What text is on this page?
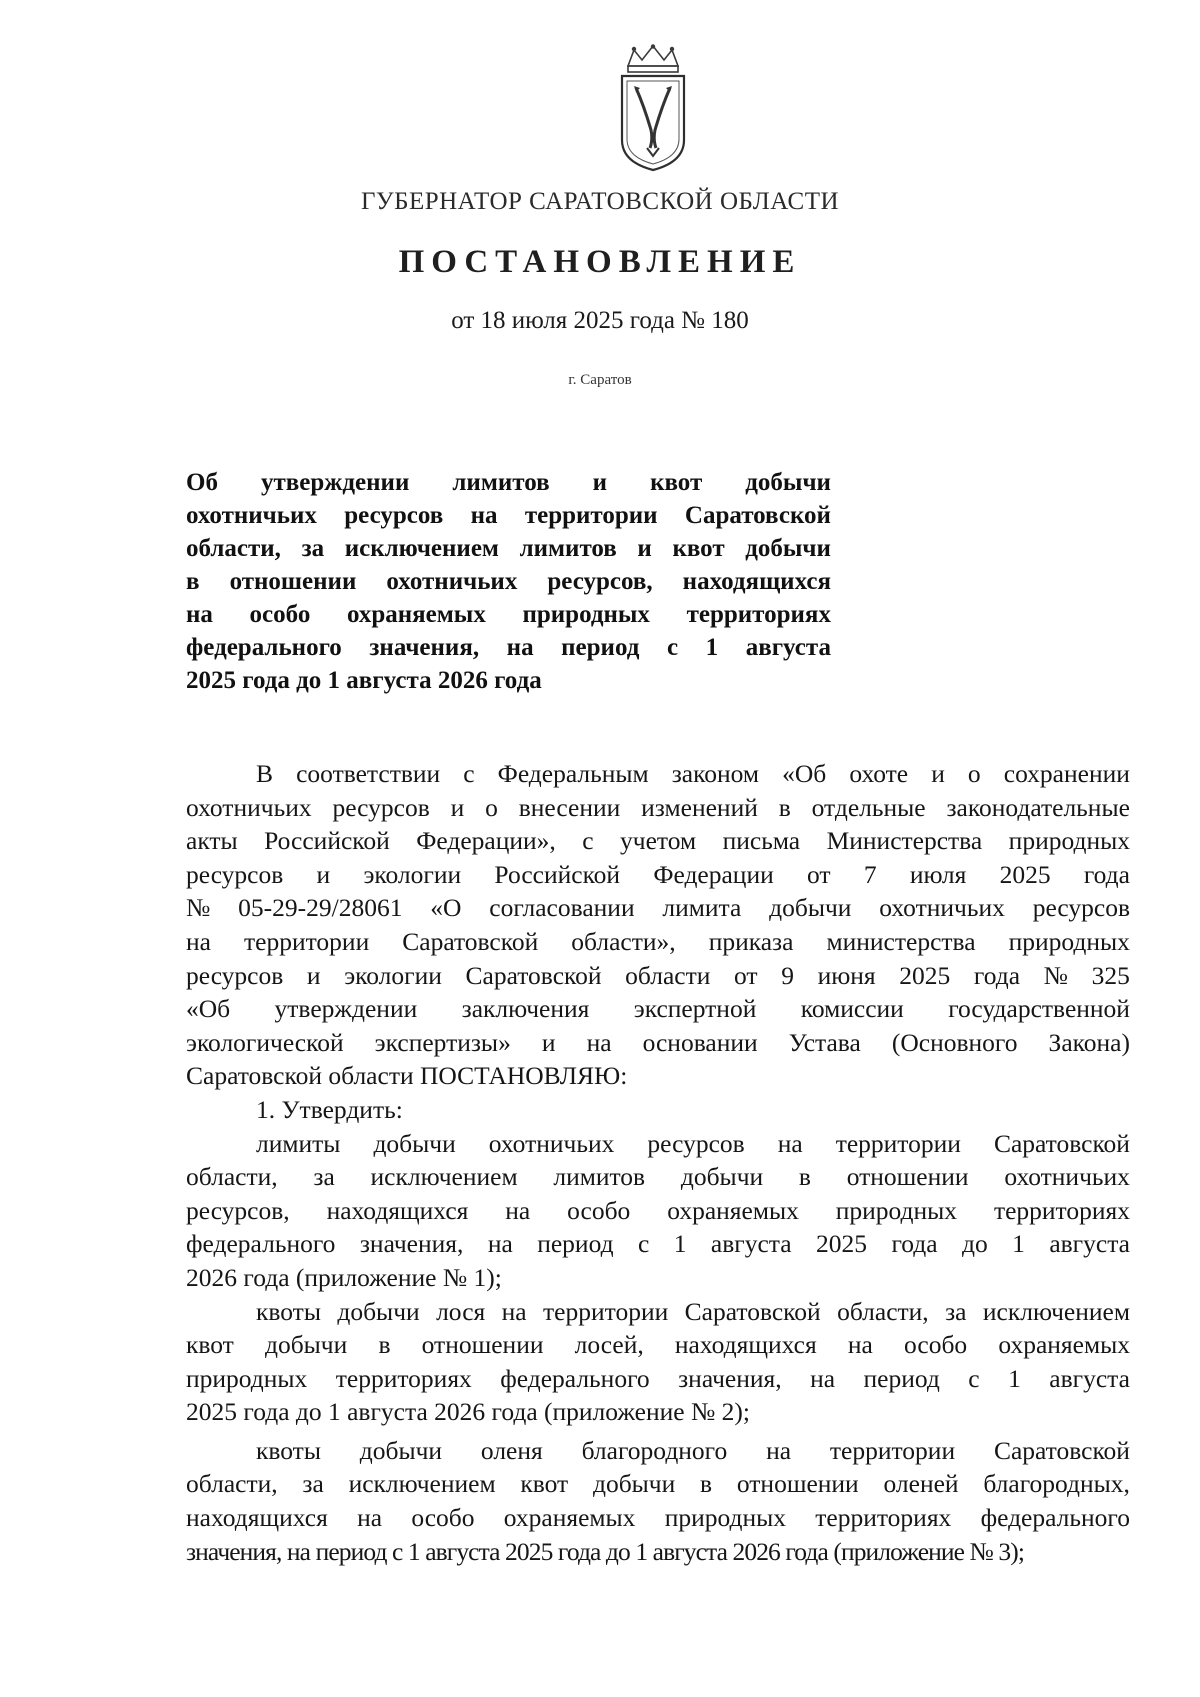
ГУБЕРНАТОР САРАТОВСКОЙ ОБЛАСТИ
ПОСТАНОВЛЕНИЕ
от 18 июля 2025 года № 180
г. Саратов
Об утверждении лимитов и квот добычи
охотничьих ресурсов на территории Саратовской
области, за исключением лимитов и квот добычи
в отношении охотничьих ресурсов, находящихся
на особо охраняемых природных территориях
федерального значения, на период с 1 августа
2025 года до 1 августа 2026 года
В соответствии с Федеральным законом «Об охоте и о сохранении
охотничьих ресурсов и о внесении изменений в отдельные законодательные
акты Российской Федерации», с учетом письма Министерства природных
ресурсов и экологии Российской Федерации от 7 июля 2025 года
№ 05-29-29/28061 «О согласовании лимита добычи охотничьих ресурсов
на территории Саратовской области», приказа министерства природных
ресурсов и экологии Саратовской области от 9 июня 2025 года № 325
«Об утверждении заключения экспертной комиссии государственной
экологической экспертизы» и на основании Устава (Основного Закона)
Саратовской области ПОСТАНОВЛЯЮ:
1. Утвердить:
лимиты добычи охотничьих ресурсов на территории Саратовской
области, за исключением лимитов добычи в отношении охотничьих
ресурсов, находящихся на особо охраняемых природных территориях
федерального значения, на период с 1 августа 2025 года до 1 августа
2026 года (приложение № 1);
квоты добычи лося на территории Саратовской области, за исключением
квот добычи в отношении лосей, находящихся на особо охраняемых
природных территориях федерального значения, на период с 1 августа
2025 года до 1 августа 2026 года (приложение № 2);
квоты добычи оленя благородного на территории Саратовской
области, за исключением квот добычи в отношении оленей благородных,
находящихся на особо охраняемых природных территориях федерального
значения, на период с 1 августа 2025 года до 1 августа 2026 года (приложение № 3);
